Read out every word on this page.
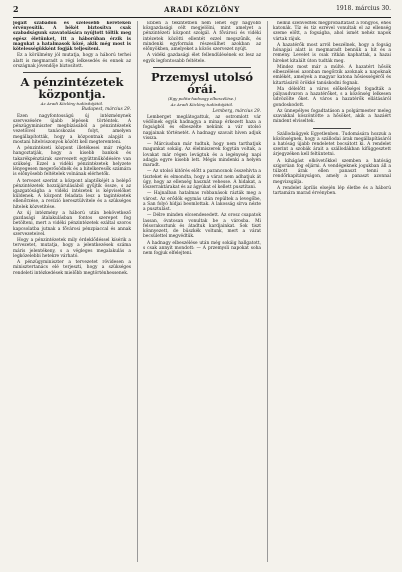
2	ARADI KÖZLÖNY	1918. március 30.

jogait szabadon és szélesebb kereteken érvényesítik. A békét biztosítva csak szabadságunk szavatolására nyújtott töltik meg egész életünket, itt a háborúban érzik is magukat a hatalmasok közé, akik még most is kötelességükként fogják teljesíteni.

Ez a körülmény jól mutatja, hogy a háború terhei alatt is megmaradt a régi lelkesedés és ennek az országnak jövendője biztosított.

A pénzintézetek központja.

Az Aradi Közlöny tudósítójától.

Budapest, március 29.

Ezen nagyfontosságú új intézménynek szervezésére újabb lépések történtek. A pénzügyminiszter megbízásából a pénzintézetek vezetőivel tanácskozás folyt, amelyen megállapították, hogy a központnak alapját a mostani hitelviszonyok között kell megteremteni.

A pénzintézeti központ illetékesei már régóta hangoztatják, hogy a kisebb bankok és takarékpénztárak szervezett együttműködésére van szükség. Ezzel a vidéki pénzintézetek helyzete lényegesen megerősödnék és a hitelkeresők számára is előnyösebb feltételek volnának elérhetők.

A tervezet szerint a központ alaptőkéjét a belépő pénzintézetek hozzájárulásából gyűjtik össze, s az igazgatóságba a vidéki intézetek is képviselőket küldenek. A központ feladata lesz a tagintézetek ellenőrzése, a revízió keresztülvitele és a szükséges hitelek közvetítése.

Az új intézmény a háború után bekövetkező gazdasági átalakulásban fontos szerepet fog betölteni, mert a vidéki pénzintézetek ezáltal szoros kapcsolatba jutnak a fővárosi pénzpiaccal és annak szervezeteivel.

Hogy a pénzintézetek mily érdeklődéssel kísérik a tervezetet, mutatja, hogy a jelentkezések száma máris jelentékeny, s a végleges megalakulás a legközelebbi hetekre várható.

A pénzügyminiszter a tervezetet rövidesen a minisztertanács elé terjeszti, hogy a szükséges rendeleti intézkedések mielőbb megtörténhessenek.

Ebben a tekintetben nem lehet egy nagyobb közgazdasági célt megjelölni, mint amelyet a pénzintézeti központ szolgál. A fővárosi és vidéki intézetek közötti ellentét ezzel megszűnik, és mindenki egyformán részesülhet azokban az előnyökben, amelyeket a közös szervezet nyújt.

A vidéki gazdasági élet fellendülésének ez lesz az egyik legfontosabb feltétele.

Przemysl utolsó órái.

(Egy polita-hadnagy elbeszélése.)

Az Aradi Közlöny tudósítójától.

Lemberg, március 29.

Lemberget meglátogattuk, az ostromlott vár védőinek egyik hadnagya a minap érkezett haza a fogságból és elbeszélte nekünk a vár utolsó napjainak történetét. A hadnagy szavait híven adjuk vissza.

— Márciusban már tudtuk, hogy nem tarthatjuk magunkat sokáig. Az élelmiszerek fogytán voltak, a lovakat már régen levágtuk és a legénység napi adagja egyre kisebb lett. Mégis mindenki a helyén maradt.

— Az utolsó kitörés előtt a parancsnok összehívta a tiszteket és elmondta, hogy a várat nem adhatjuk át úgy, hogy az ellenség hasznát vehesse. A hidakat, a lőszerraktárakat és az ágyúkat el kellett pusztítani.

— Hajnalban hatalmas robbanások rázták meg a várost. Az erődök egymás után repültek a levegőbe, a San folyó hídjai beomlottak. A lakosság sírva nézte a pusztulást.

— Délre minden elcsendesedett. Az orosz csapatok lassan, óvatosan vonultak be a városba. Mi felsorakoztunk és átadtuk kardjainkat. Sok tiszt könnyezett, de büszkék voltunk, mert a várat becsülettel megvédtük.

A hadnagy elbeszélése után még sokáig hallgatott, s csak annyit mondott: — A przemysli napokat soha nem fogjuk elfelejteni.

nélkül szenvedtek megpróbáltatást a rongyos, éhes katonák. Tíz és tíz ezrével vonultak el az ellenség szeme előtt, a fogságba, ahol ismét nehéz napok vártak rájuk.

A hazatérők most arról beszélnek, hogy a fogság hónapjai alatt is megmaradt bennük a hit és a remény. Levelet is csak ritkán kaphattak, a hazai híreket kitalált úton tudták meg.

Mindez most már a múlté. A hazatért hősök elbeszélései azonban megőrzik azoknak a napoknak emlékét, amelyek a magyar katona hősiességéről és kitartásáról örökké tanúskodni fognak.

Ma délelőtt a város előkelőségei fogadták a pályaudvaron a hazatérőket, s a közönség lelkesen üdvözölte őket. A város a hazatérők ellátásáról gondoskodott.

Az ünnepélyes fogadtatáson a polgármester meleg szavakkal köszöntötte a hősöket, akik a hazáért mindent elviseltek.

Szállodaügyek Egyetlenben. Tudomására hozzuk a közönségnek, hogy a szállodai árak megállapításáról a hatóság újabb rendeletet bocsátott ki. A rendelet szerint a szobák árait a szállodákban kifüggesztett árjegyzéken kell feltüntetni.

A kihágást elkövetőkkel szemben a hatóság szigorúan fog eljárni. A vendégeknek jogukban áll a túlzott árak ellen panaszt tenni a rendőrkapitányságon, amely a panaszt azonnal megvizsgálja.

A rendelet április elsején lép életbe és a háború tartamára marad érvényben.
